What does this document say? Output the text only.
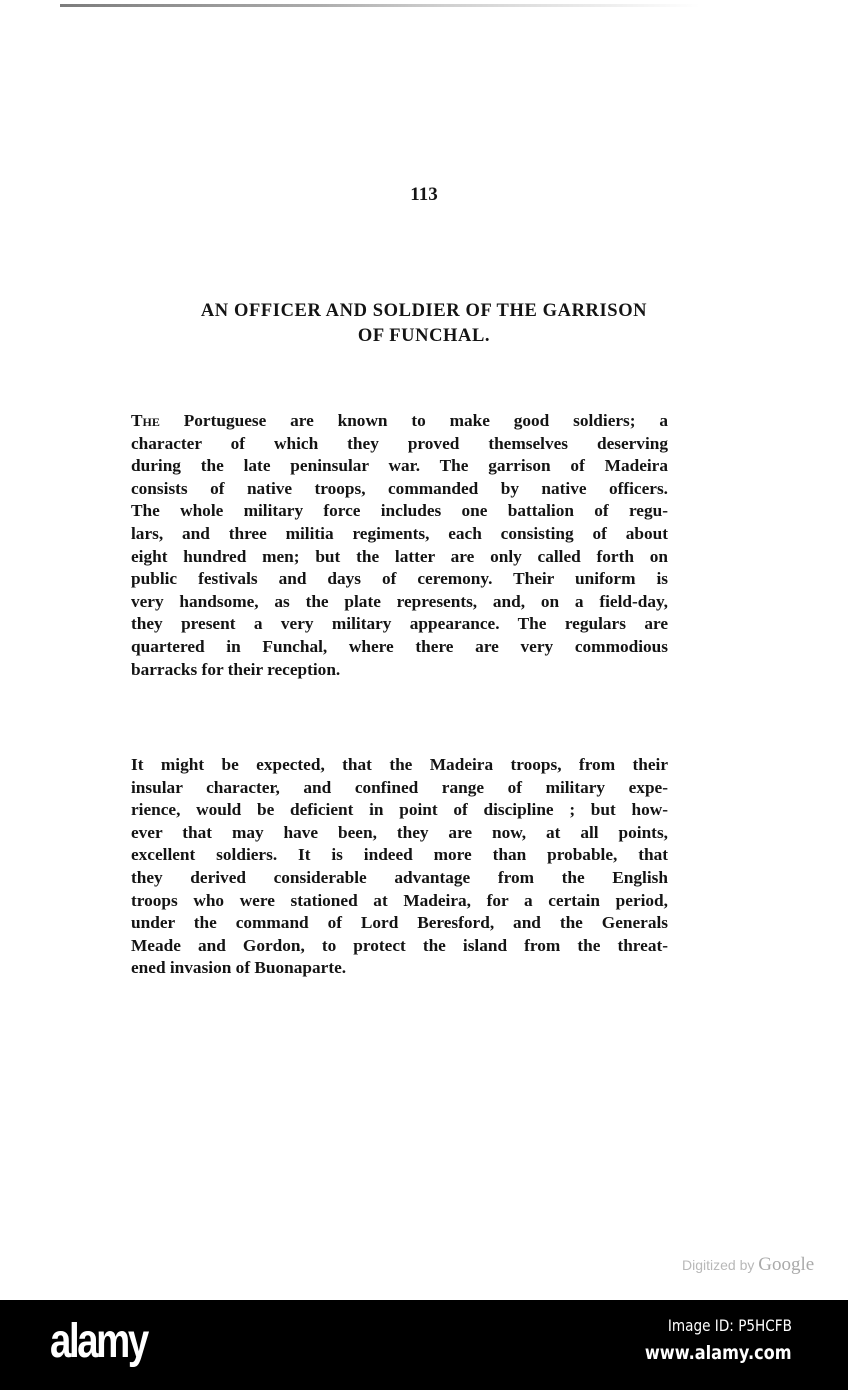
113
AN OFFICER AND SOLDIER OF THE GARRISON
OF FUNCHAL.
The Portuguese are known to make good soldiers; a
character of which they proved themselves deserving
during the late peninsular war. The garrison of Madeira
consists of native troops, commanded by native officers.
The whole military force includes one battalion of regu-
lars, and three militia regiments, each consisting of about
eight hundred men; but the latter are only called forth on
public festivals and days of ceremony. Their uniform is
very handsome, as the plate represents, and, on a field-day,
they present a very military appearance. The regulars are
quartered in Funchal, where there are very commodious
barracks for their reception.
It might be expected, that the Madeira troops, from their
insular character, and confined range of military expe-
rience, would be deficient in point of discipline ; but how-
ever that may have been, they are now, at all points,
excellent soldiers. It is indeed more than probable, that
they derived considerable advantage from the English
troops who were stationed at Madeira, for a certain period,
under the command of Lord Beresford, and the Generals
Meade and Gordon, to protect the island from the threat-
ened invasion of Buonaparte.
Digitized by Google
alamy	Image ID: P5HCFB
www.alamy.com
